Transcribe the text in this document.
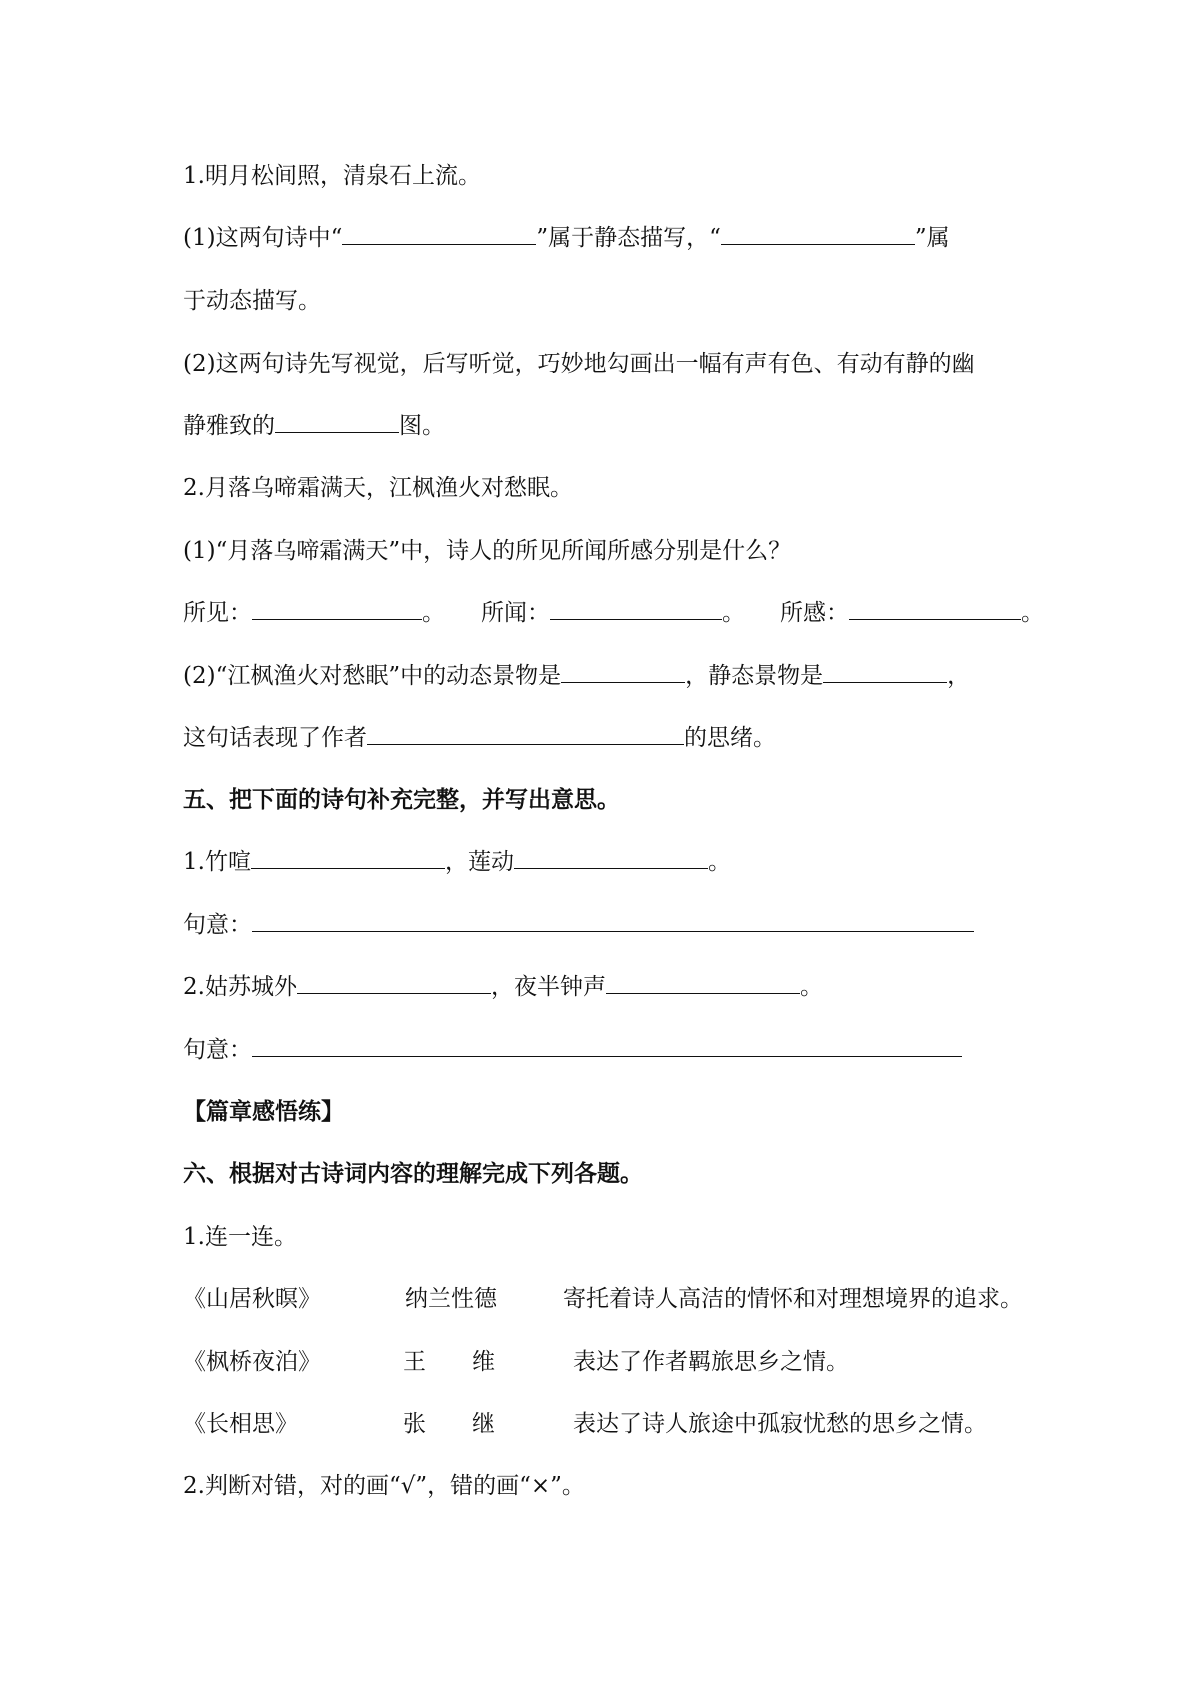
1.明月松间照，清泉石上流。
(1)这两句诗中“	”属于静态描写，“	”属
于动态描写。
(2)这两句诗先写视觉，后写听觉，巧妙地勾画出一幅有声有色、有动有静的幽
静雅致的	图。
2.月落乌啼霜满天，江枫渔火对愁眠。
(1)“月落乌啼霜满天”中，诗人的所见所闻所感分别是什么？
所见：	。 所闻：	。 所感：	。
(2)“江枫渔火对愁眠”中的动态景物是	，静态景物是	，
这句话表现了作者	的思绪。
五、把下面的诗句补充完整，并写出意思。
1.竹喧	，莲动	。
句意：
2.姑苏城外	，夜半钟声	。
句意：
【篇章感悟练】
六、根据对古诗词内容的理解完成下列各题。
1.连一连。
《山居秋暝》	纳兰性德	寄托着诗人高洁的情怀和对理想境界的追求。
《枫桥夜泊》	王　　维	表达了作者羁旅思乡之情。
《长相思》	张　　继	表达了诗人旅途中孤寂忧愁的思乡之情。
2.判断对错，对的画“√”，错的画“×”。
